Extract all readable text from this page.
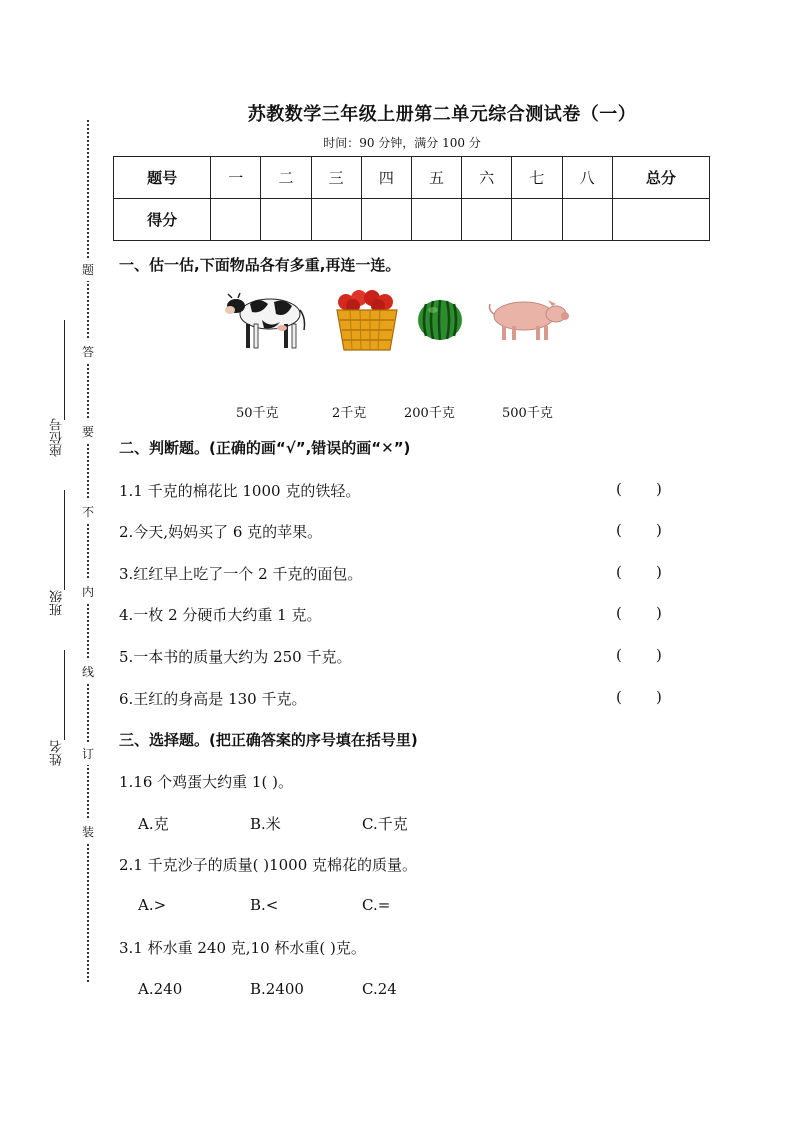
题
答
要
不
内
线
订
装
座位号
班级
姓名
苏教数学三年级上册第二单元综合测试卷（一）
时间：90 分钟，满分 100 分
题号	一	二	三	四	五	六	七	八	总分
得分									
一、估一估,下面物品各有多重,再连一连。
50千克	2千克	200千克	500千克
二、判断题。(正确的画“√”,错误的画“✕”)
1.1 千克的棉花比 1000 克的铁轻。	( )
2.今天,妈妈买了 6 克的苹果。	( )
3.红红早上吃了一个 2 千克的面包。	( )
4.一枚 2 分硬币大约重 1 克。	( )
5.一本书的质量大约为 250 千克。	( )
6.王红的身高是 130 千克。	( )
三、选择题。(把正确答案的序号填在括号里)
1.16 个鸡蛋大约重 1( )。
A.克	B.米	C.千克
2.1 千克沙子的质量( )1000 克棉花的质量。
A.>	B.<	C.=
3.1 杯水重 240 克,10 杯水重( )克。
A.240	B.2400	C.24
